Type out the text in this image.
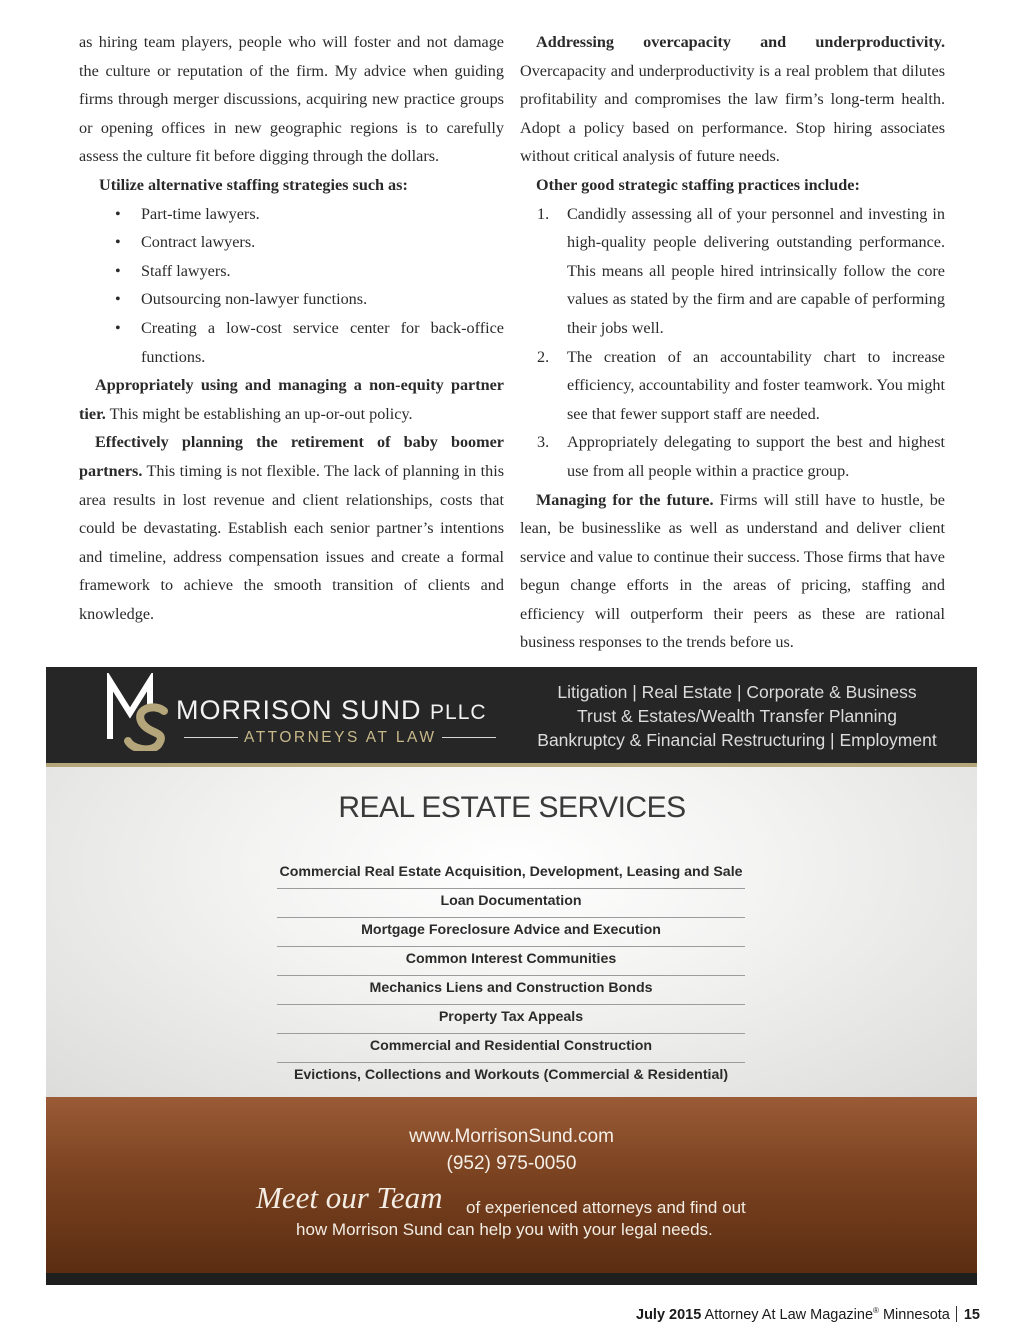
as hiring team players, people who will foster and not damage the culture or reputation of the firm. My advice when guiding firms through merger discussions, acquiring new practice groups or opening offices in new geographic regions is to carefully assess the culture fit before digging through the dollars.

Utilize alternative staffing strategies such as:

• Part-time lawyers.
• Contract lawyers.
• Staff lawyers.
• Outsourcing non-lawyer functions.
• Creating a low-cost service center for back-office functions.

Appropriately using and managing a non-equity partner tier. This might be establishing an up-or-out policy.

Effectively planning the retirement of baby boomer partners. This timing is not flexible. The lack of planning in this area results in lost revenue and client relationships, costs that could be devastating. Establish each senior partner’s intentions and timeline, address compensation issues and create a formal framework to achieve the smooth transition of clients and knowledge.

Addressing overcapacity and underproductivity. Overcapacity and underproductivity is a real problem that dilutes profitability and compromises the law firm’s long-term health. Adopt a policy based on performance. Stop hiring associates without critical analysis of future needs.

Other good strategic staffing practices include:

1. Candidly assessing all of your personnel and investing in high-quality people delivering outstanding performance. This means all people hired intrinsically follow the core values as stated by the firm and are capable of performing their jobs well.
2. The creation of an accountability chart to increase efficiency, accountability and foster teamwork. You might see that fewer support staff are needed.
3. Appropriately delegating to support the best and highest use from all people within a practice group.

Managing for the future. Firms will still have to hustle, be lean, be businesslike as well as understand and deliver client service and value to continue their success. Those firms that have begun change efforts in the areas of pricing, staffing and efficiency will outperform their peers as these are rational business responses to the trends before us.

MORRISON SUND PLLC
ATTORNEYS AT LAW
Litigation | Real Estate | Corporate & Business
Trust & Estates/Wealth Transfer Planning
Bankruptcy & Financial Restructuring | Employment
REAL ESTATE SERVICES
Commercial Real Estate Acquisition, Development, Leasing and Sale
Loan Documentation
Mortgage Foreclosure Advice and Execution
Common Interest Communities
Mechanics Liens and Construction Bonds
Property Tax Appeals
Commercial and Residential Construction
Evictions, Collections and Workouts (Commercial & Residential)
www.MorrisonSund.com
(952) 975-0050
Meet our Team of experienced attorneys and find out
how Morrison Sund can help you with your legal needs.
July 2015 Attorney At Law Magazine® Minnesota 15
